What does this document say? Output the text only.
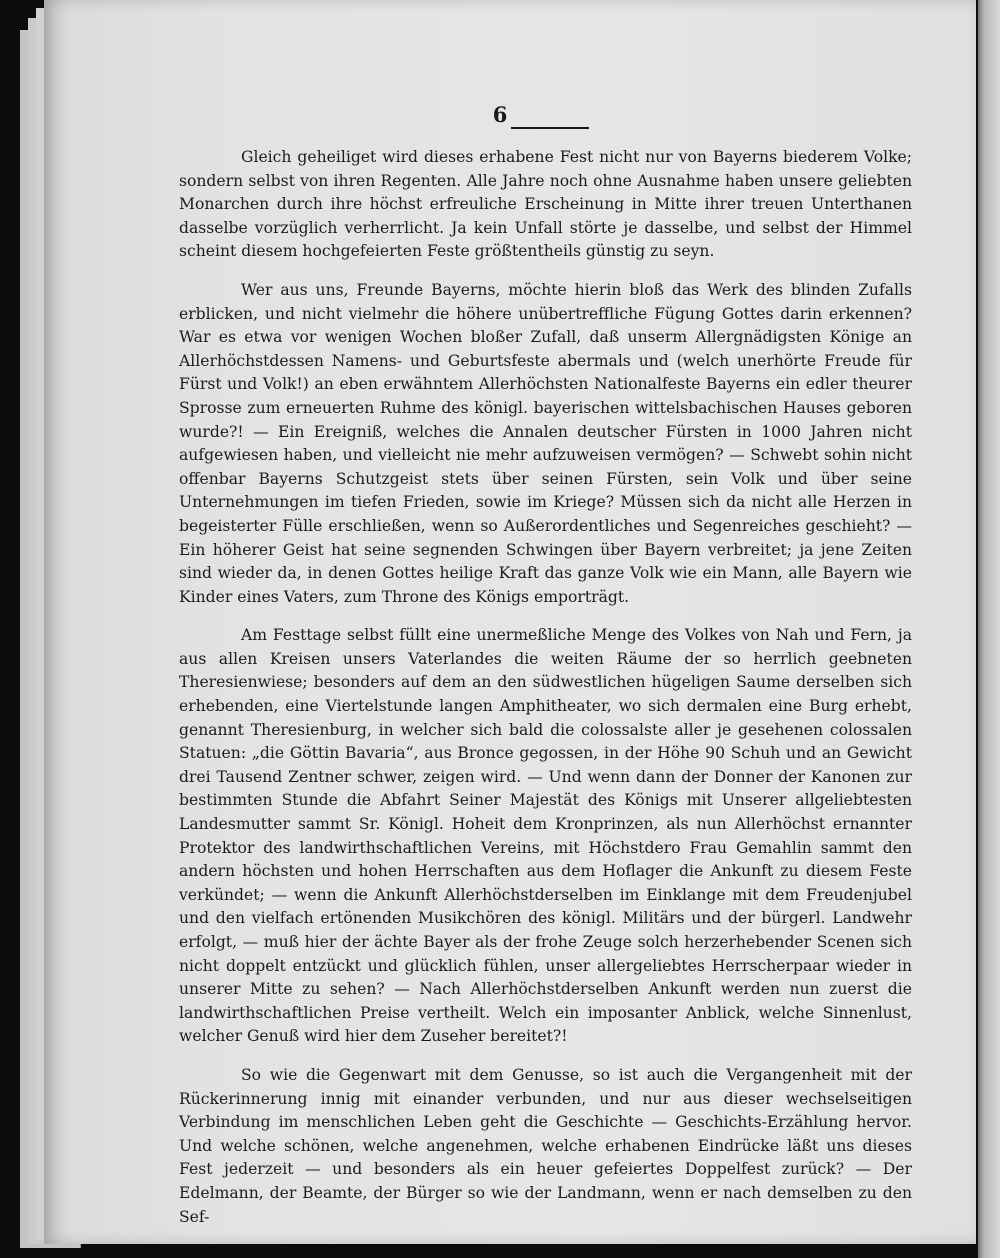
6

Gleich geheiliget wird dieses erhabene Fest nicht nur von Bayerns biederem Volke; sondern selbst von ihren Regenten. Alle Jahre noch ohne Ausnahme haben unsere geliebten Monarchen durch ihre höchst erfreuliche Erscheinung in Mitte ihrer treuen Unterthanen dasselbe vorzüglich verherrlicht. Ja kein Unfall störte je dasselbe, und selbst der Himmel scheint diesem hochgefeierten Feste größtentheils günstig zu seyn.

Wer aus uns, Freunde Bayerns, möchte hierin bloß das Werk des blinden Zufalls erblicken, und nicht vielmehr die höhere unübertreffliche Fügung Gottes darin erkennen? War es etwa vor wenigen Wochen bloßer Zufall, daß unserm Allergnädigsten Könige an Allerhöchstdessen Namens- und Geburtsfeste abermals und (welch unerhörte Freude für Fürst und Volk!) an eben erwähntem Allerhöchsten Nationalfeste Bayerns ein edler theurer Sprosse zum erneuerten Ruhme des königl. bayerischen wittelsbachischen Hauses geboren wurde?! — Ein Ereigniß, welches die Annalen deutscher Fürsten in 1000 Jahren nicht aufgewiesen haben, und vielleicht nie mehr aufzuweisen vermögen? — Schwebt sohin nicht offenbar Bayerns Schutzgeist stets über seinen Fürsten, sein Volk und über seine Unternehmungen im tiefen Frieden, sowie im Kriege? Müssen sich da nicht alle Herzen in begeisterter Fülle erschließen, wenn so Außerordentliches und Segenreiches geschieht? — Ein höherer Geist hat seine segnenden Schwingen über Bayern verbreitet; ja jene Zeiten sind wieder da, in denen Gottes heilige Kraft das ganze Volk wie ein Mann, alle Bayern wie Kinder eines Vaters, zum Throne des Königs emporträgt.

Am Festtage selbst füllt eine unermeßliche Menge des Volkes von Nah und Fern, ja aus allen Kreisen unsers Vaterlandes die weiten Räume der so herrlich geebneten Theresienwiese; besonders auf dem an den südwestlichen hügeligen Saume derselben sich erhebenden, eine Viertelstunde langen Amphitheater, wo sich dermalen eine Burg erhebt, genannt Theresienburg, in welcher sich bald die colossalste aller je gesehenen colossalen Statuen: „die Göttin Bavaria“, aus Bronce gegossen, in der Höhe 90 Schuh und an Gewicht drei Tausend Zentner schwer, zeigen wird. — Und wenn dann der Donner der Kanonen zur bestimmten Stunde die Abfahrt Seiner Majestät des Königs mit Unserer allgeliebtesten Landesmutter sammt Sr. Königl. Hoheit dem Kronprinzen, als nun Allerhöchst ernannter Protektor des landwirthschaftlichen Vereins, mit Höchstdero Frau Gemahlin sammt den andern höchsten und hohen Herrschaften aus dem Hoflager die Ankunft zu diesem Feste verkündet; — wenn die Ankunft Allerhöchstderselben im Einklange mit dem Freudenjubel und den vielfach ertönenden Musikchören des königl. Militärs und der bürgerl. Landwehr erfolgt, — muß hier der ächte Bayer als der frohe Zeuge solch herzerhebender Scenen sich nicht doppelt entzückt und glücklich fühlen, unser allergeliebtes Herrscherpaar wieder in unserer Mitte zu sehen? — Nach Allerhöchstderselben Ankunft werden nun zuerst die landwirthschaftlichen Preise vertheilt. Welch ein imposanter Anblick, welche Sinnenlust, welcher Genuß wird hier dem Zuseher bereitet?!

So wie die Gegenwart mit dem Genusse, so ist auch die Vergangenheit mit der Rückerinnerung innig mit einander verbunden, und nur aus dieser wechselseitigen Verbindung im menschlichen Leben geht die Geschichte — Geschichts-Erzählung hervor. Und welche schönen, welche angenehmen, welche erhabenen Eindrücke läßt uns dieses Fest jederzeit — und besonders als ein heuer gefeiertes Doppelfest zurück? — Der Edelmann, der Beamte, der Bürger so wie der Landmann, wenn er nach demselben zu den Sef-
